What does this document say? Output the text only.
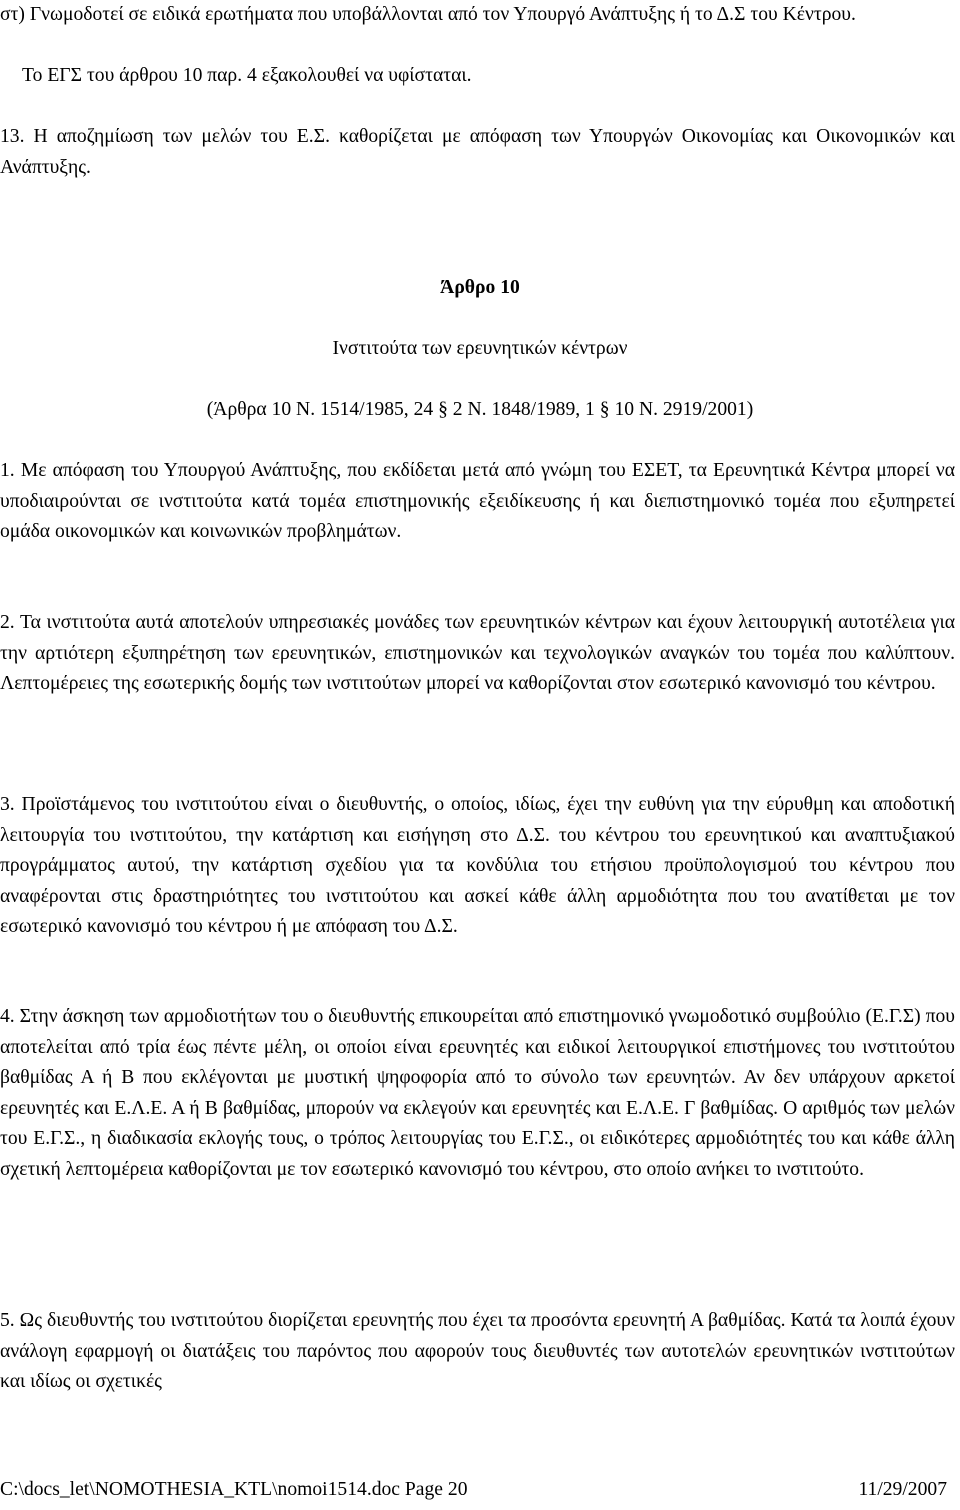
στ) Γνωμοδοτεί σε ειδικά ερωτήματα που υποβάλλονται από τον Υπουργό Ανάπτυξης ή το Δ.Σ του Κέντρου.

Το ΕΓΣ του άρθρου 10 παρ. 4 εξακολουθεί να υφίσταται.

13. Η αποζημίωση των μελών του Ε.Σ. καθορίζεται με απόφαση των Υπουργών Οικονομίας και Οικονομικών και Ανάπτυξης.

Άρθρο 10

Ινστιτούτα των ερευνητικών κέντρων

(Άρθρα 10 Ν. 1514/1985, 24 § 2 Ν. 1848/1989, 1 § 10 Ν. 2919/2001)

1. Με απόφαση του Υπουργού Ανάπτυξης, που εκδίδεται μετά από γνώμη του ΕΣΕΤ, τα Ερευνητικά Κέντρα μπορεί να υποδιαιρούνται σε ινστιτούτα κατά τομέα επιστημονικής εξειδίκευσης ή και διεπιστημονικό τομέα που εξυπηρετεί ομάδα οικονομικών και κοινωνικών προβλημάτων.

2. Τα ινστιτούτα αυτά αποτελούν υπηρεσιακές μονάδες των ερευνητικών κέντρων και έχουν λειτουργική αυτοτέλεια για την αρτιότερη εξυπηρέτηση των ερευνητικών, επιστημονικών και τεχνολογικών αναγκών του τομέα που καλύπτουν. Λεπτομέρειες της εσωτερικής δομής των ινστιτούτων μπορεί να καθορίζονται στον εσωτερικό κανονισμό του κέντρου.

3. Προϊστάμενος του ινστιτούτου είναι ο διευθυντής, ο οποίος, ιδίως, έχει την ευθύνη για την εύρυθμη και αποδοτική λειτουργία του ινστιτούτου, την κατάρτιση και εισήγηση στο Δ.Σ. του κέντρου του ερευνητικού και αναπτυξιακού προγράμματος αυτού, την κατάρτιση σχεδίου για τα κονδύλια του ετήσιου προϋπολογισμού του κέντρου που αναφέρονται στις δραστηριότητες του ινστιτούτου και ασκεί κάθε άλλη αρμοδιότητα που του ανατίθεται με τον εσωτερικό κανονισμό του κέντρου ή με απόφαση του Δ.Σ.

4. Στην άσκηση των αρμοδιοτήτων του ο διευθυντής επικουρείται από επιστημονικό γνωμοδοτικό συμβούλιο (Ε.Γ.Σ) που αποτελείται από τρία έως πέντε μέλη, οι οποίοι είναι ερευνητές και ειδικοί λειτουργικοί επιστήμονες του ινστιτούτου βαθμίδας Α ή Β που εκλέγονται με μυστική ψηφοφορία από το σύνολο των ερευνητών. Αν δεν υπάρχουν αρκετοί ερευνητές και Ε.Λ.Ε. Α ή Β βαθμίδας, μπορούν να εκλεγούν και ερευνητές και Ε.Λ.Ε. Γ βαθμίδας. Ο αριθμός των μελών του Ε.Γ.Σ., η διαδικασία εκλογής τους, ο τρόπος λειτουργίας του Ε.Γ.Σ., οι ειδικότερες αρμοδιότητές του και κάθε άλλη σχετική λεπτομέρεια καθορίζονται με τον εσωτερικό κανονισμό του κέντρου, στο οποίο ανήκει το ινστιτούτο.

5. Ως διευθυντής του ινστιτούτου διορίζεται ερευνητής που έχει τα προσόντα ερευνητή Α βαθμίδας. Κατά τα λοιπά έχουν ανάλογη εφαρμογή οι διατάξεις του παρόντος που αφορούν τους διευθυντές των αυτοτελών ερευνητικών ινστιτούτων και ιδίως οι σχετικές

C:\docs_let\NOMOTHESIA_KTL\nomoi1514.doc Page 20	11/29/2007
